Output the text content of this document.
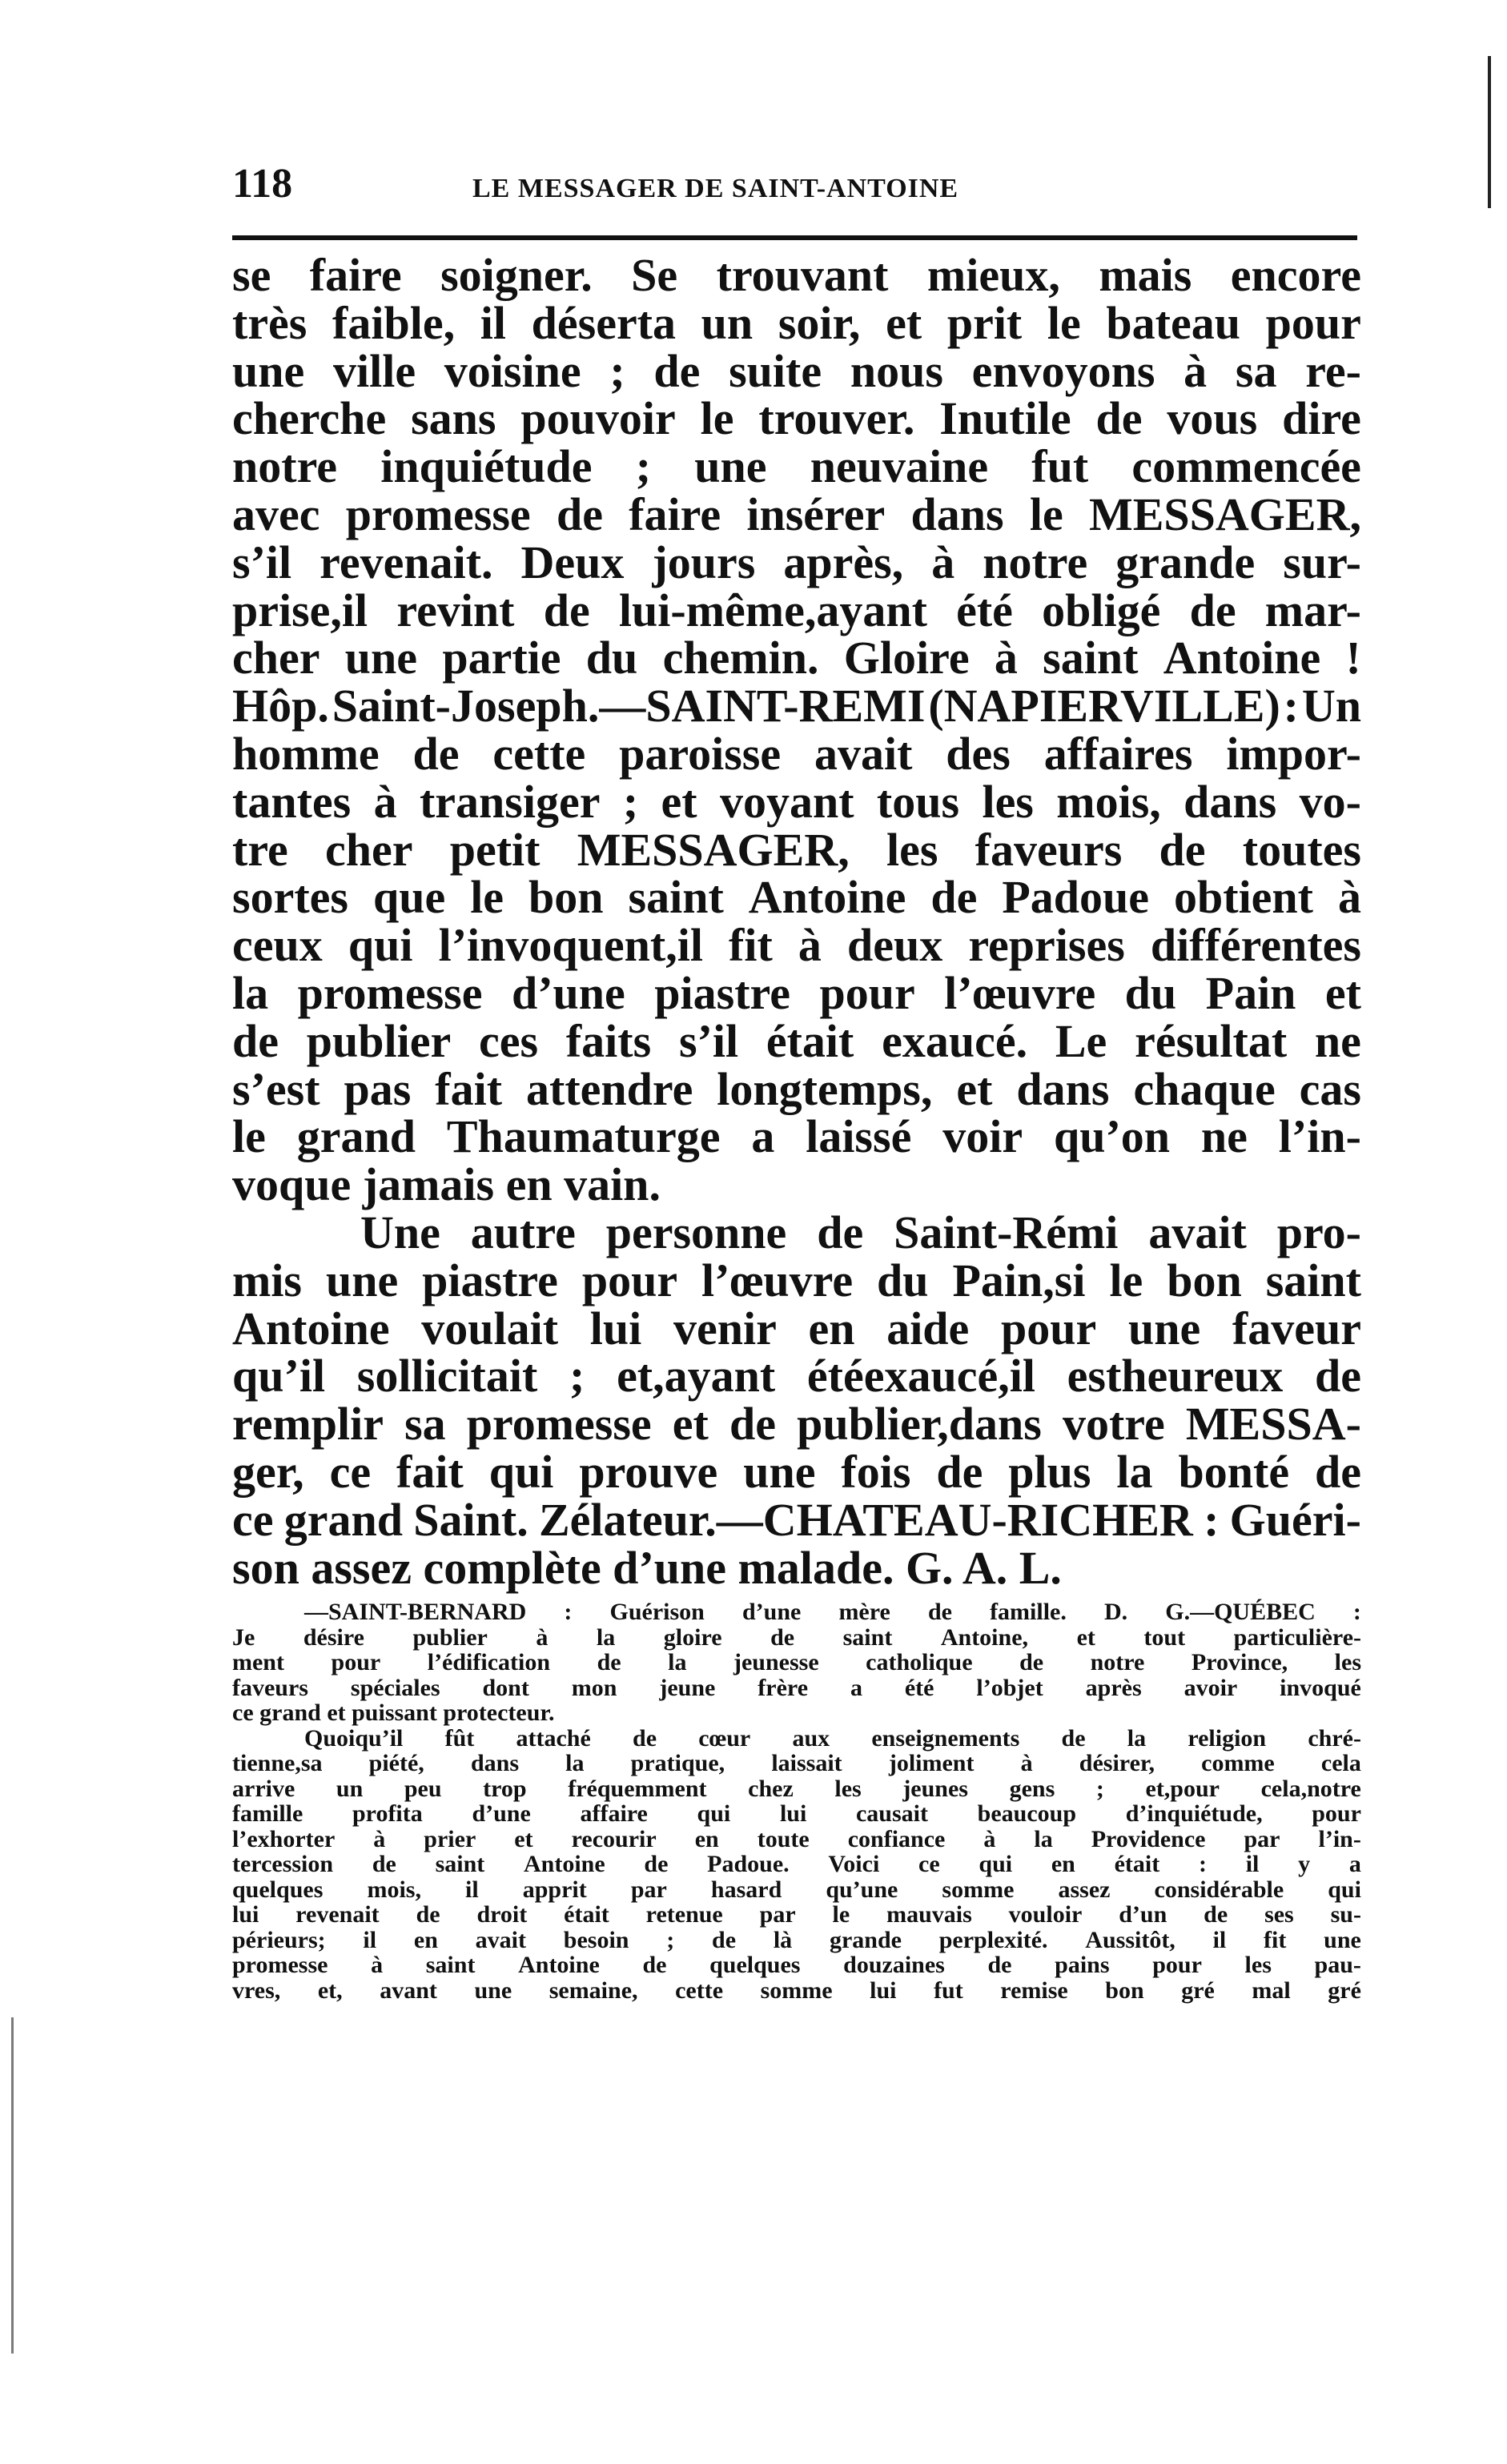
118	LE MESSAGER DE SAINT-ANTOINE
se faire soigner. Se trouvant mieux, mais encore
très faible, il déserta un soir, et prit le bateau pour
une ville voisine ; de suite nous envoyons à sa re-
cherche sans pouvoir le trouver. Inutile de vous dire
notre inquiétude ; une neuvaine fut commencée
avec promesse de faire insérer dans le MESSAGER,
s’il revenait. Deux jours après, à notre grande sur-
prise,il revint de lui-même,ayant été obligé de mar-
cher une partie du chemin. Gloire à saint Antoine !
Hôp. Saint-Joseph.—SAINT-REMI (NAPIERVILLE) : Un
homme de cette paroisse avait des affaires impor-
tantes à transiger ; et voyant tous les mois, dans vo-
tre cher petit MESSAGER, les faveurs de toutes
sortes que le bon saint Antoine de Padoue obtient à
ceux qui l’invoquent,il fit à deux reprises différentes
la promesse d’une piastre pour l’œuvre du Pain et
de publier ces faits s’il était exaucé. Le résultat ne
s’est pas fait attendre longtemps, et dans chaque cas
le grand Thaumaturge a laissé voir qu’on ne l’in-
voque jamais en vain.
Une autre personne de Saint-Rémi avait pro-
mis une piastre pour l’œuvre du Pain,si le bon saint
Antoine voulait lui venir en aide pour une faveur
qu’il sollicitait ; et,ayant étéexaucé,il estheureux de
remplir sa promesse et de publier,dans votre MESSA-
ger, ce fait qui prouve une fois de plus la bonté de
ce grand Saint. Zélateur.—CHATEAU-RICHER : Guéri-
son assez complète d’une malade. G. A. L.
—SAINT-BERNARD : Guérison d’une mère de famille. D. G.—QUÉBEC :
Je désire publier à la gloire de saint Antoine, et tout particulière-
ment pour l’édification de la jeunesse catholique de notre Province, les
faveurs spéciales dont mon jeune frère a été l’objet après avoir invoqué
ce grand et puissant protecteur.
Quoiqu’il fût attaché de cœur aux enseignements de la religion chré-
tienne,sa piété, dans la pratique, laissait joliment à désirer, comme cela
arrive un peu trop fréquemment chez les jeunes gens ; et,pour cela,notre
famille profita d’une affaire qui lui causait beaucoup d’inquiétude, pour
l’exhorter à prier et recourir en toute confiance à la Providence par l’in-
tercession de saint Antoine de Padoue. Voici ce qui en était : il y a
quelques mois, il apprit par hasard qu’une somme assez considérable qui
lui revenait de droit était retenue par le mauvais vouloir d’un de ses su-
périeurs; il en avait besoin ; de là grande perplexité. Aussitôt, il fit une
promesse à saint Antoine de quelques douzaines de pains pour les pau-
vres, et, avant une semaine, cette somme lui fut remise bon gré mal gré
